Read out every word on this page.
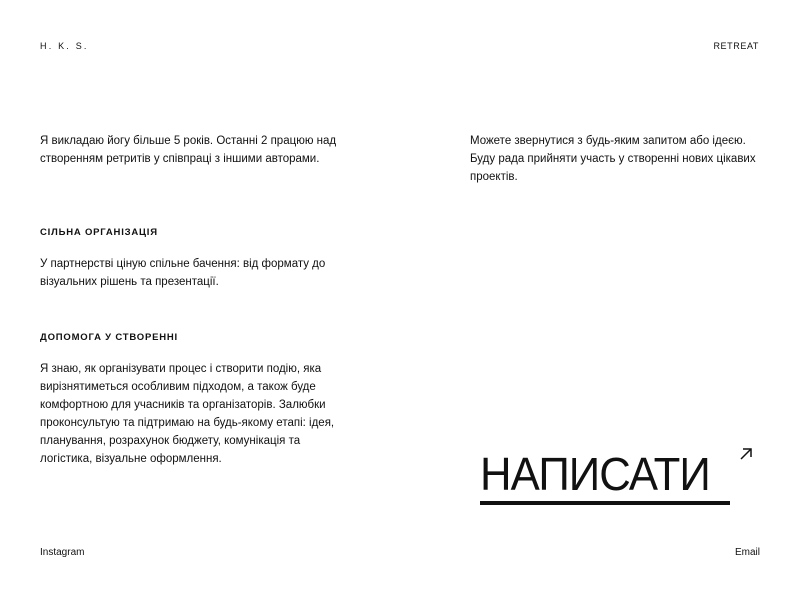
H. K. S.	RETREAT

Я викладаю йогу більше 5 років. Останні 2 працюю над створенням ретритів у співпраці з іншими авторами.

СІЛЬНА ОРГАНІЗАЦІЯ

У партнерстві ціную спільне бачення: від формату до візуальних рішень та презентації.

ДОПОМОГА У СТВОРЕННІ

Я знаю, як організувати процес і створити подію, яка вирізнятиметься особливим підходом, а також буде комфортною для учасників та організаторів. Залюбки проконсультую та підтримаю на будь-якому етапі: ідея, планування, розрахунок бюджету, комунікація та логістика, візуальне оформлення.

Можете звернутися з будь-яким запитом або ідеєю. Буду рада прийняти участь у створенні нових цікавих проектів.

НАПИСАТИ
Instagram	Email
